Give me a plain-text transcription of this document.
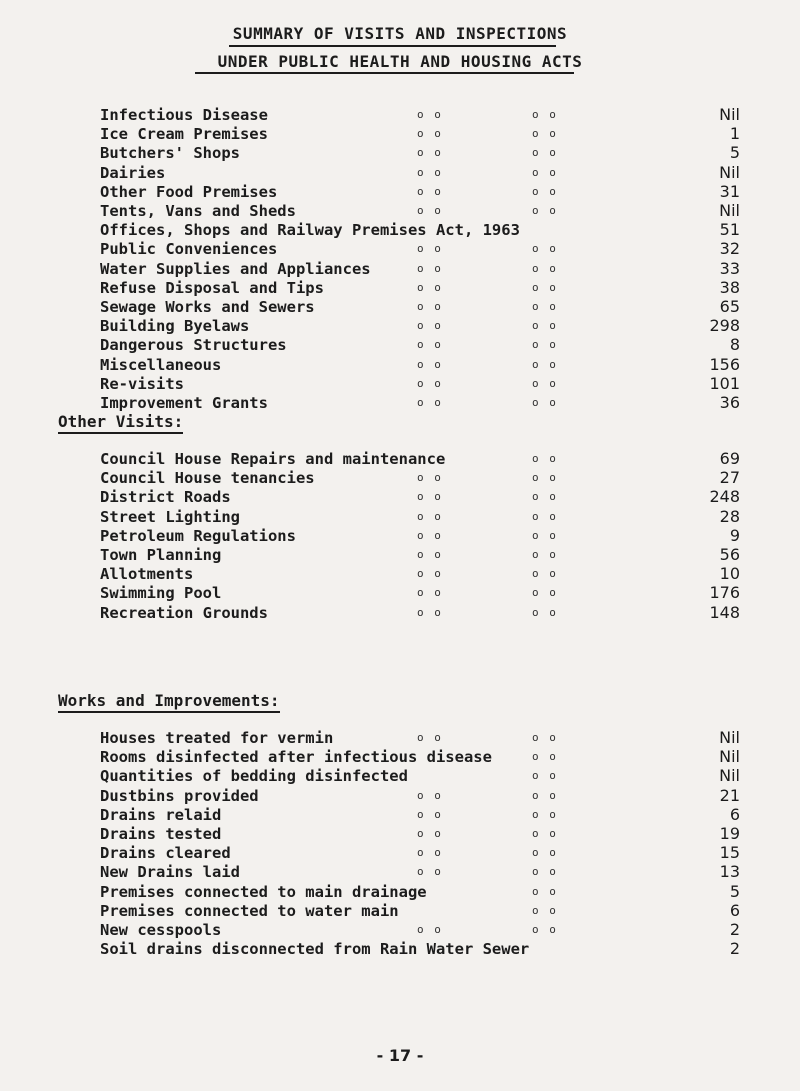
SUMMARY OF VISITS AND INSPECTIONS
UNDER PUBLIC HEALTH AND HOUSING ACTS
Infectious Disease	o o	o o	Nil
Ice Cream Premises	o o	o o	1
Butchers' Shops	o o	o o	5
Dairies	o o	o o	Nil
Other Food Premises	o o	o o	31
Tents, Vans and Sheds	o o	o o	Nil
Offices, Shops and Railway Premises Act, 1963	51
Public Conveniences	o o	o o	32
Water Supplies and Appliances	o o	o o	33
Refuse Disposal and Tips	o o	o o	38
Sewage Works and Sewers	o o	o o	65
Building Byelaws	o o	o o	298
Dangerous Structures	o o	o o	8
Miscellaneous	o o	o o	156
Re-visits	o o	o o	101
Improvement Grants	o o	o o	36
Other Visits:
Council House Repairs and maintenance	o o	69
Council House tenancies	o o	o o	27
District Roads	o o	o o	248
Street Lighting	o o	o o	28
Petroleum Regulations	o o	o o	9
Town Planning	o o	o o	56
Allotments	o o	o o	10
Swimming Pool	o o	o o	176
Recreation Grounds	o o	o o	148
Works and Improvements:
Houses treated for vermin	o o	o o	Nil
Rooms disinfected after infectious disease	o o	Nil
Quantities of bedding disinfected	o o	Nil
Dustbins provided	o o	o o	21
Drains relaid	o o	o o	6
Drains tested	o o	o o	19
Drains cleared	o o	o o	15
New Drains laid	o o	o o	13
Premises connected to main drainage	o o	5
Premises connected to water main	o o	6
New cesspools	o o	o o	2
Soil drains disconnected from Rain Water Sewer	2
- 17 -
